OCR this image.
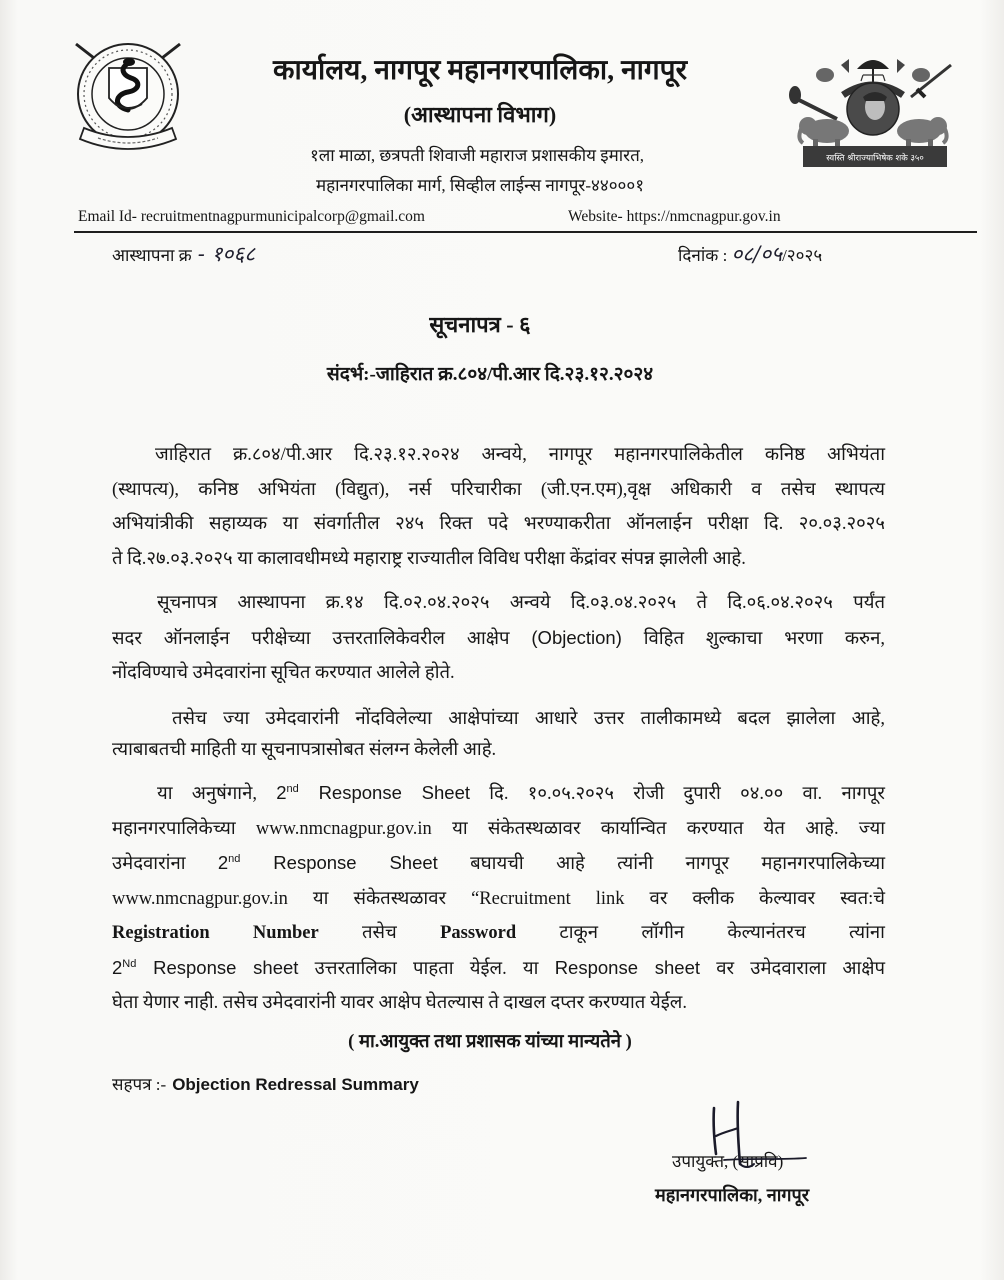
स्वस्ति श्रीराज्याभिषेक शके ३५०
कार्यालय, नागपूर महानगरपालिका, नागपूर
(आस्थापना विभाग)
१ला माळा, छत्रपती शिवाजी महाराज प्रशासकीय इमारत,
महानगरपालिका मार्ग, सिव्हील लाईन्स नागपूर-४४०००१
Email Id- recruitmentnagpurmunicipalcorp@gmail.com	Website- https://nmcnagpur.gov.in
आस्थापना क्र - १०६८	दिनांक : ०८/०५/२०२५
सूचनापत्र - ६
संदर्भ:-जाहिरात क्र.८०४/पी.आर दि.२३.१२.२०२४
जाहिरात क्र.८०४/पी.आर दि.२३.१२.२०२४ अन्वये, नागपूर महानगरपालिकेतील कनिष्ठ अभियंता
(स्थापत्य), कनिष्ठ अभियंता (विद्युत), नर्स परिचारीका (जी.एन.एम),वृक्ष अधिकारी व तसेच स्थापत्य
अभियांत्रीकी सहाय्यक या संवर्गातील २४५ रिक्त पदे भरण्याकरीता ऑनलाईन परीक्षा दि. २०.०३.२०२५
ते दि.२७.०३.२०२५ या कालावधीमध्ये महाराष्ट्र राज्यातील विविध परीक्षा केंद्रांवर संपन्न झालेली आहे.
सूचनापत्र आस्थापना क्र.१४ दि.०२.०४.२०२५ अन्वये दि.०३.०४.२०२५ ते दि.०६.०४.२०२५ पर्यंत
सदर ऑनलाईन परीक्षेच्या उत्तरतालिकेवरील आक्षेप (Objection) विहित शुल्काचा भरणा करुन,
नोंदविण्याचे उमेदवारांना सूचित करण्यात आलेले होते.
तसेच ज्या उमेदवारांनी नोंदविलेल्या आक्षेपांच्या आधारे उत्तर तालीकामध्ये बदल झालेला आहे,
त्याबाबतची माहिती या सूचनापत्रासोबत संलग्न केलेली आहे.
या अनुषंगाने, 2nd Response Sheet दि. १०.०५.२०२५ रोजी दुपारी ०४.०० वा. नागपूर
महानगरपालिकेच्या www.nmcnagpur.gov.in या संकेतस्थळावर कार्यान्वित करण्यात येत आहे. ज्या
उमेदवारांना 2nd Response Sheet बघायची आहे त्यांनी नागपूर महानगरपालिकेच्या
www.nmcnagpur.gov.in या संकेतस्थळावर “Recruitment link वर क्लीक केल्यावर स्वत:चे
Registration Number तसेच Password टाकून लॉगीन केल्यानंतरच त्यांना
2Nd Response sheet उत्तरतालिका पाहता येईल. या Response sheet वर उमेदवाराला आक्षेप
घेता येणार नाही. तसेच उमेदवारांनी यावर आक्षेप घेतल्यास ते दाखल दप्तर करण्यात येईल.
( मा.आयुक्त तथा प्रशासक यांच्या मान्यतेने )
सहपत्र :- Objection Redressal Summary
उपायुक्त, (साप्रवि)
महानगरपालिका, नागपूर
